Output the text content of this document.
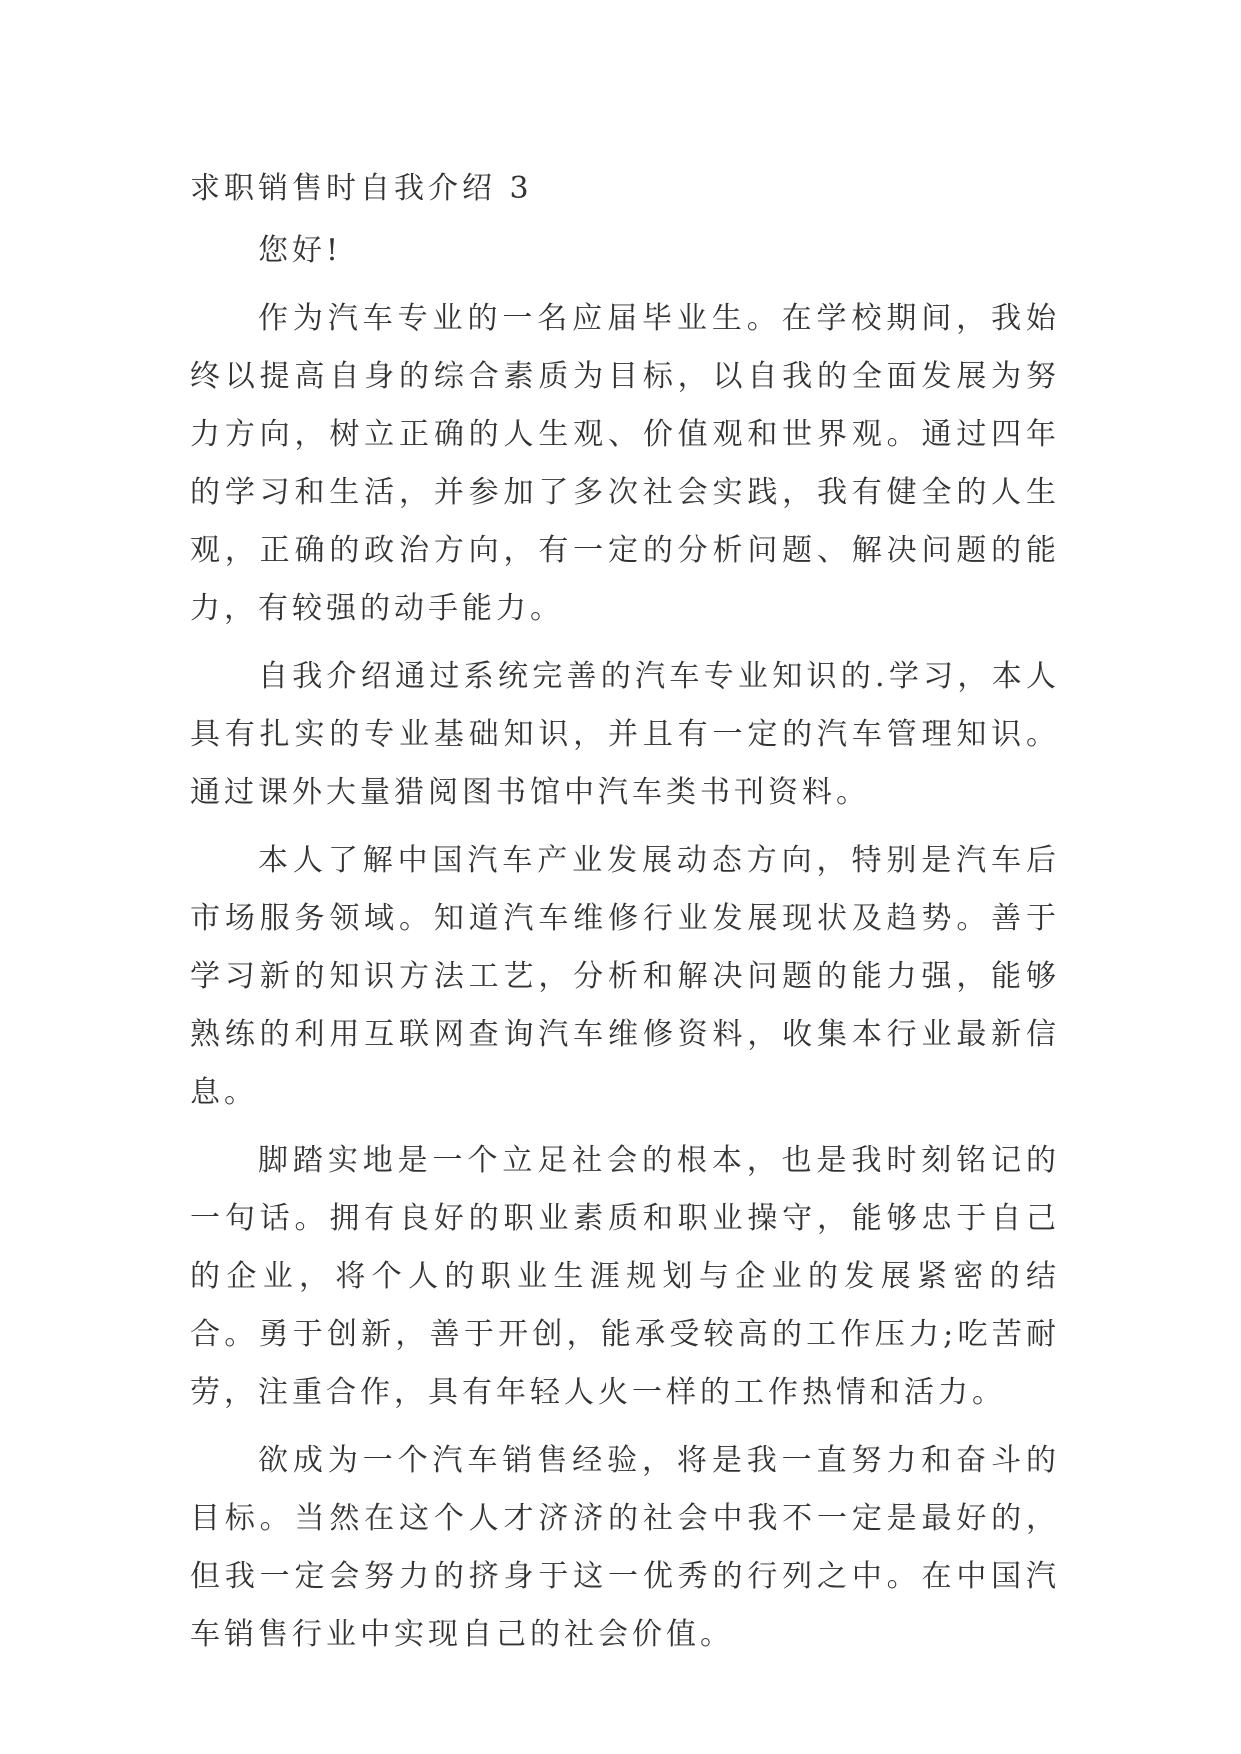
求职销售时自我介绍 3

您好!

作为汽车专业的一名应届毕业生。在学校期间，我始终以提高自身的综合素质为目标，以自我的全面发展为努力方向，树立正确的人生观、价值观和世界观。通过四年的学习和生活，并参加了多次社会实践，我有健全的人生观，正确的政治方向，有一定的分析问题、解决问题的能力，有较强的动手能力。

自我介绍通过系统完善的汽车专业知识的.学习，本人具有扎实的专业基础知识，并且有一定的汽车管理知识。通过课外大量猎阅图书馆中汽车类书刊资料。

本人了解中国汽车产业发展动态方向，特别是汽车后市场服务领域。知道汽车维修行业发展现状及趋势。善于学习新的知识方法工艺，分析和解决问题的能力强，能够熟练的利用互联网查询汽车维修资料，收集本行业最新信息。

脚踏实地是一个立足社会的根本，也是我时刻铭记的一句话。拥有良好的职业素质和职业操守，能够忠于自己的企业，将个人的职业生涯规划与企业的发展紧密的结合。勇于创新，善于开创，能承受较高的工作压力;吃苦耐劳，注重合作，具有年轻人火一样的工作热情和活力。

欲成为一个汽车销售经验，将是我一直努力和奋斗的目标。当然在这个人才济济的社会中我不一定是最好的，但我一定会努力的挤身于这一优秀的行列之中。在中国汽车销售行业中实现自己的社会价值。
